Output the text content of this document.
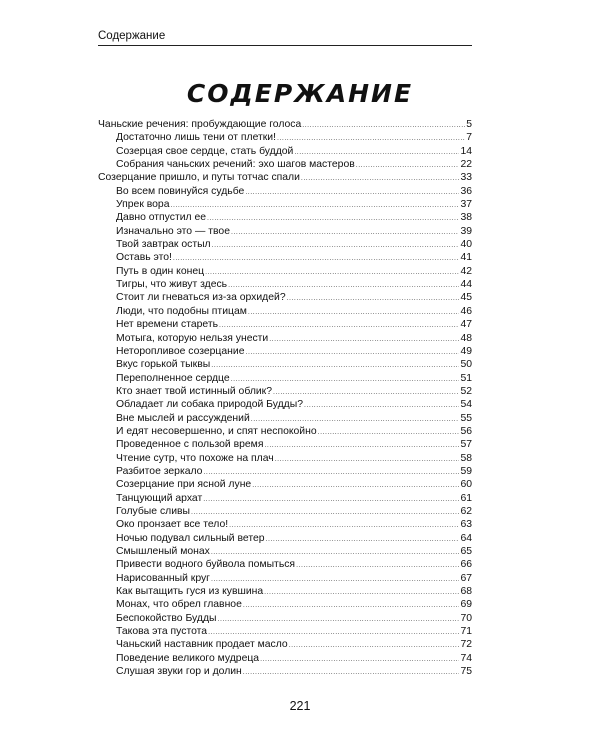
Содержание
СОДЕРЖАНИЕ
Чаньские речения: пробуждающие голоса .....	5
Достаточно лишь тени от плетки! .....	7
Созерцая свое сердце, стать буддой .....	14
Собрания чаньских речений: эхо шагов мастеров .....	22
Созерцание пришло, и путы тотчас спали .....	33
Во всем повинуйся судьбе .....	36
Упрек вора .....	37
Давно отпустил ее .....	38
Изначально это — твое .....	39
Твой завтрак остыл .....	40
Оставь это! .....	41
Путь в один конец .....	42
Тигры, что живут здесь .....	44
Стоит ли гневаться из-за орхидей? .....	45
Люди, что подобны птицам .....	46
Нет времени стареть .....	47
Мотыга, которую нельзя унести .....	48
Неторопливое созерцание .....	49
Вкус горькой тыквы .....	50
Переполненное сердце .....	51
Кто знает твой истинный облик? .....	52
Обладает ли собака природой Будды? .....	54
Вне мыслей и рассуждений .....	55
И едят несовершенно, и спят неспокойно .....	56
Проведенное с пользой время .....	57
Чтение сутр, что похоже на плач .....	58
Разбитое зеркало .....	59
Созерцание при ясной луне .....	60
Танцующий архат .....	61
Голубые сливы .....	62
Око пронзает все тело! .....	63
Ночью подувал сильный ветер .....	64
Смышленый монах .....	65
Привести водного буйвола помыться .....	66
Нарисованный круг .....	67
Как вытащить гуся из кувшина .....	68
Монах, что обрел главное .....	69
Беспокойство Будды .....	70
Такова эта пустота .....	71
Чаньский наставник продает масло .....	72
Поведение великого мудреца .....	74
Слушая звуки гор и долин .....	75
221
